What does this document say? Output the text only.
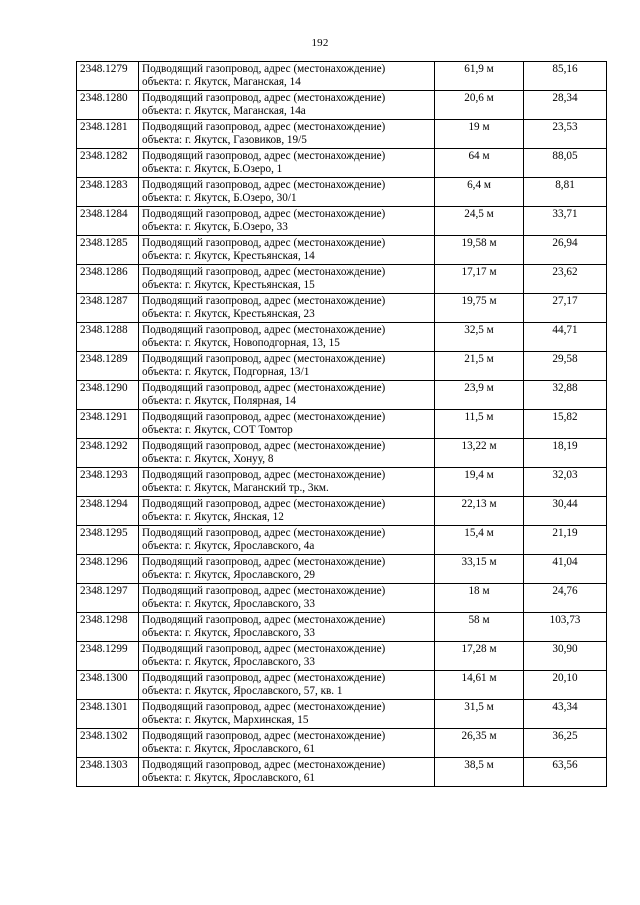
192
2348.1279	Подводящий газопровод, адрес (местонахождение)
объекта: г. Якутск, Маганская, 14	61,9 м	85,16
2348.1280	Подводящий газопровод, адрес (местонахождение)
объекта: г. Якутск, Маганская, 14а	20,6 м	28,34
2348.1281	Подводящий газопровод, адрес (местонахождение)
объекта: г. Якутск, Газовиков, 19/5	19 м	23,53
2348.1282	Подводящий газопровод, адрес (местонахождение)
объекта: г. Якутск, Б.Озеро, 1	64 м	88,05
2348.1283	Подводящий газопровод, адрес (местонахождение)
объекта: г. Якутск, Б.Озеро, 30/1	6,4 м	8,81
2348.1284	Подводящий газопровод, адрес (местонахождение)
объекта: г. Якутск, Б.Озеро, 33	24,5 м	33,71
2348.1285	Подводящий газопровод, адрес (местонахождение)
объекта: г. Якутск, Крестьянская, 14	19,58 м	26,94
2348.1286	Подводящий газопровод, адрес (местонахождение)
объекта: г. Якутск, Крестьянская, 15	17,17 м	23,62
2348.1287	Подводящий газопровод, адрес (местонахождение)
объекта: г. Якутск, Крестьянская, 23	19,75 м	27,17
2348.1288	Подводящий газопровод, адрес (местонахождение)
объекта: г. Якутск, Новоподгорная, 13, 15	32,5 м	44,71
2348.1289	Подводящий газопровод, адрес (местонахождение)
объекта: г. Якутск, Подгорная, 13/1	21,5 м	29,58
2348.1290	Подводящий газопровод, адрес (местонахождение)
объекта: г. Якутск, Полярная, 14	23,9 м	32,88
2348.1291	Подводящий газопровод, адрес (местонахождение)
объекта: г. Якутск, СОТ Томтор	11,5 м	15,82
2348.1292	Подводящий газопровод, адрес (местонахождение)
объекта: г. Якутск, Хонуу, 8	13,22 м	18,19
2348.1293	Подводящий газопровод, адрес (местонахождение)
объекта: г. Якутск, Маганский тр., 3км.	19,4 м	32,03
2348.1294	Подводящий газопровод, адрес (местонахождение)
объекта: г. Якутск, Янская, 12	22,13 м	30,44
2348.1295	Подводящий газопровод, адрес (местонахождение)
объекта: г. Якутск, Ярославского, 4а	15,4 м	21,19
2348.1296	Подводящий газопровод, адрес (местонахождение)
объекта: г. Якутск, Ярославского, 29	33,15 м	41,04
2348.1297	Подводящий газопровод, адрес (местонахождение)
объекта: г. Якутск, Ярославского, 33	18 м	24,76
2348.1298	Подводящий газопровод, адрес (местонахождение)
объекта: г. Якутск, Ярославского, 33	58 м	103,73
2348.1299	Подводящий газопровод, адрес (местонахождение)
объекта: г. Якутск, Ярославского, 33	17,28 м	30,90
2348.1300	Подводящий газопровод, адрес (местонахождение)
объекта: г. Якутск, Ярославского, 57, кв. 1	14,61 м	20,10
2348.1301	Подводящий газопровод, адрес (местонахождение)
объекта: г. Якутск, Мархинская, 15	31,5 м	43,34
2348.1302	Подводящий газопровод, адрес (местонахождение)
объекта: г. Якутск, Ярославского, 61	26,35 м	36,25
2348.1303	Подводящий газопровод, адрес (местонахождение)
объекта: г. Якутск, Ярославского, 61	38,5 м	63,56
